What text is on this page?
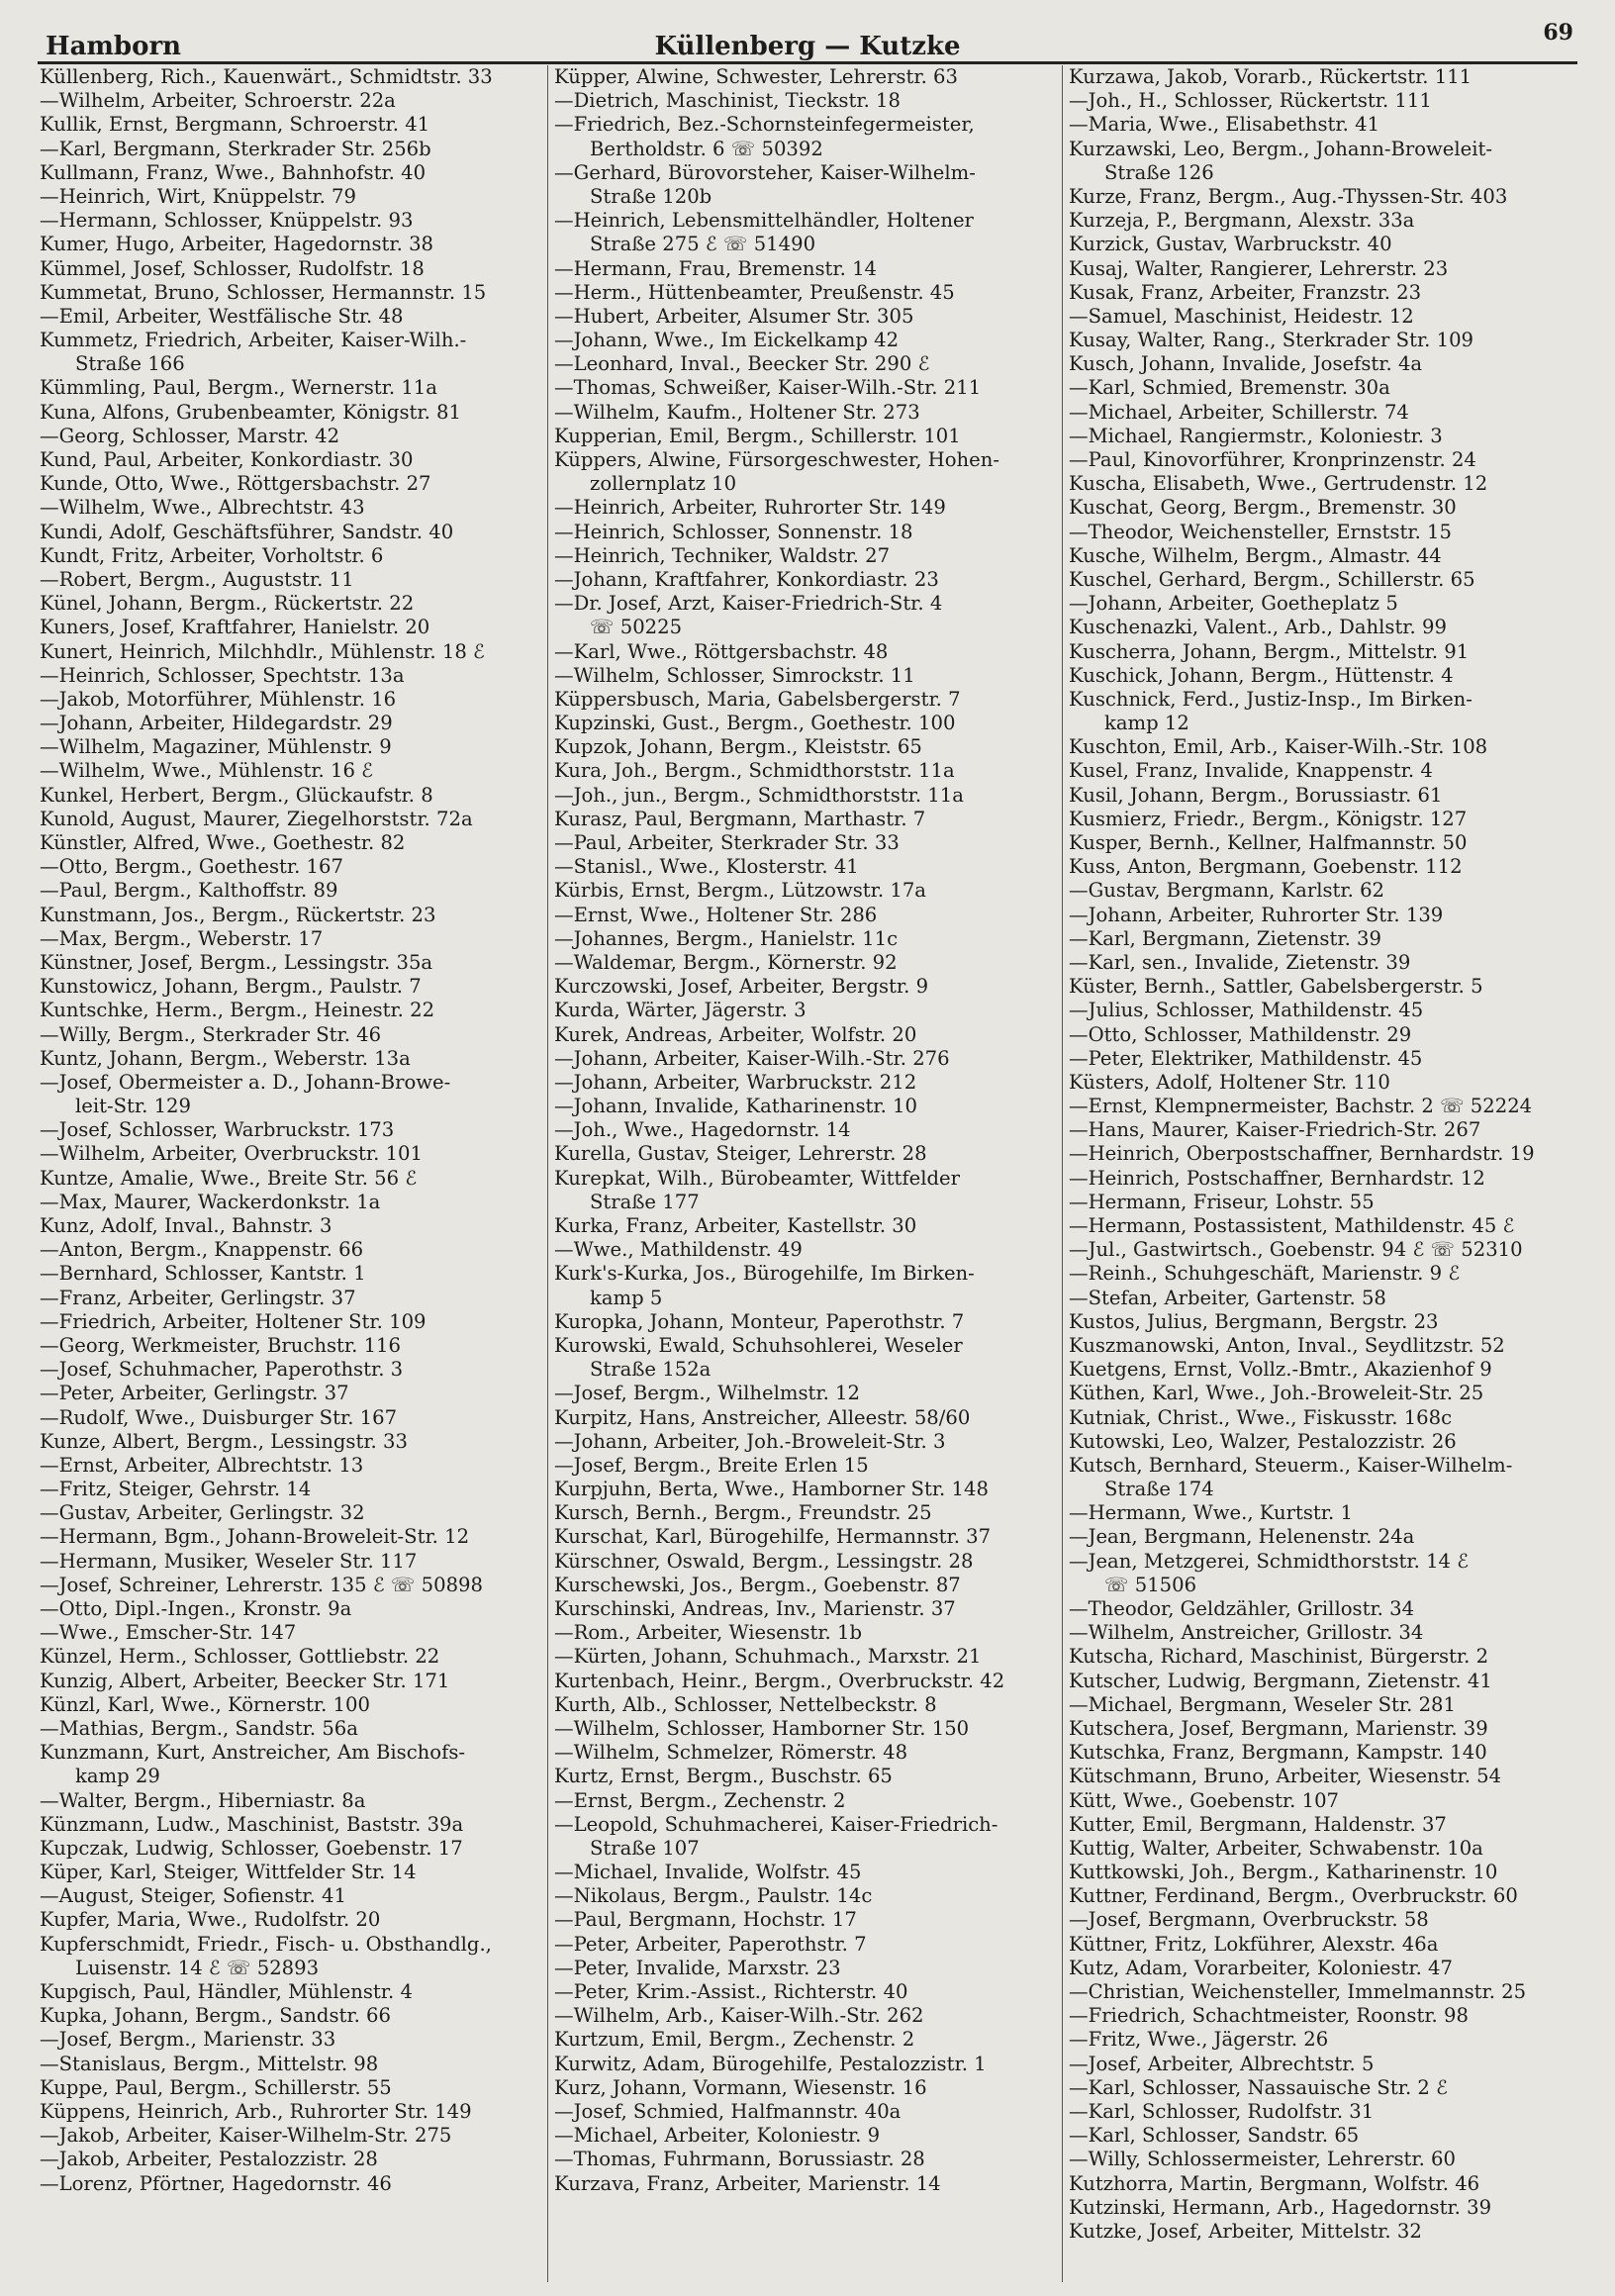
Hamborn	Küllenberg — Kutzke	69
Küllenberg, Rich., Kauenwärt., Schmidtstr. 33
—Wilhelm, Arbeiter, Schroerstr. 22a
Kullik, Ernst, Bergmann, Schroerstr. 41
—Karl, Bergmann, Sterkrader Str. 256b
Kullmann, Franz, Wwe., Bahnhofstr. 40
—Heinrich, Wirt, Knüppelstr. 79
—Hermann, Schlosser, Knüppelstr. 93
Kumer, Hugo, Arbeiter, Hagedornstr. 38
Kümmel, Josef, Schlosser, Rudolfstr. 18
Kummetat, Bruno, Schlosser, Hermannstr. 15
—Emil, Arbeiter, Westfälische Str. 48
Kummetz, Friedrich, Arbeiter, Kaiser-Wilh.-
Straße 166
Kümmling, Paul, Bergm., Wernerstr. 11a
Kuna, Alfons, Grubenbeamter, Königstr. 81
—Georg, Schlosser, Marstr. 42
Kund, Paul, Arbeiter, Konkordiastr. 30
Kunde, Otto, Wwe., Röttgersbachstr. 27
—Wilhelm, Wwe., Albrechtstr. 43
Kundi, Adolf, Geschäftsführer, Sandstr. 40
Kundt, Fritz, Arbeiter, Vorholtstr. 6
—Robert, Bergm., Auguststr. 11
Künel, Johann, Bergm., Rückertstr. 22
Kuners, Josef, Kraftfahrer, Hanielstr. 20
Kunert, Heinrich, Milchhdlr., Mühlenstr. 18 ℰ
—Heinrich, Schlosser, Spechtstr. 13a
—Jakob, Motorführer, Mühlenstr. 16
—Johann, Arbeiter, Hildegardstr. 29
—Wilhelm, Magaziner, Mühlenstr. 9
—Wilhelm, Wwe., Mühlenstr. 16 ℰ
Kunkel, Herbert, Bergm., Glückaufstr. 8
Kunold, August, Maurer, Ziegelhorststr. 72a
Künstler, Alfred, Wwe., Goethestr. 82
—Otto, Bergm., Goethestr. 167
—Paul, Bergm., Kalthoffstr. 89
Kunstmann, Jos., Bergm., Rückertstr. 23
—Max, Bergm., Weberstr. 17
Künstner, Josef, Bergm., Lessingstr. 35a
Kunstowicz, Johann, Bergm., Paulstr. 7
Kuntschke, Herm., Bergm., Heinestr. 22
—Willy, Bergm., Sterkrader Str. 46
Kuntz, Johann, Bergm., Weberstr. 13a
—Josef, Obermeister a. D., Johann-Browe-
leit-Str. 129
—Josef, Schlosser, Warbruckstr. 173
—Wilhelm, Arbeiter, Overbruckstr. 101
Kuntze, Amalie, Wwe., Breite Str. 56 ℰ
—Max, Maurer, Wackerdonkstr. 1a
Kunz, Adolf, Inval., Bahnstr. 3
—Anton, Bergm., Knappenstr. 66
—Bernhard, Schlosser, Kantstr. 1
—Franz, Arbeiter, Gerlingstr. 37
—Friedrich, Arbeiter, Holtener Str. 109
—Georg, Werkmeister, Bruchstr. 116
—Josef, Schuhmacher, Paperothstr. 3
—Peter, Arbeiter, Gerlingstr. 37
—Rudolf, Wwe., Duisburger Str. 167
Kunze, Albert, Bergm., Lessingstr. 33
—Ernst, Arbeiter, Albrechtstr. 13
—Fritz, Steiger, Gehrstr. 14
—Gustav, Arbeiter, Gerlingstr. 32
—Hermann, Bgm., Johann-Broweleit-Str. 12
—Hermann, Musiker, Weseler Str. 117
—Josef, Schreiner, Lehrerstr. 135 ℰ ☏ 50898
—Otto, Dipl.-Ingen., Kronstr. 9a
—Wwe., Emscher-Str. 147
Künzel, Herm., Schlosser, Gottliebstr. 22
Kunzig, Albert, Arbeiter, Beecker Str. 171
Künzl, Karl, Wwe., Körnerstr. 100
—Mathias, Bergm., Sandstr. 56a
Kunzmann, Kurt, Anstreicher, Am Bischofs-
kamp 29
—Walter, Bergm., Hiberniastr. 8a
Künzmann, Ludw., Maschinist, Baststr. 39a
Kupczak, Ludwig, Schlosser, Goebenstr. 17
Küper, Karl, Steiger, Wittfelder Str. 14
—August, Steiger, Sofienstr. 41
Kupfer, Maria, Wwe., Rudolfstr. 20
Kupferschmidt, Friedr., Fisch- u. Obsthandlg.,
Luisenstr. 14 ℰ ☏ 52893
Kupgisch, Paul, Händler, Mühlenstr. 4
Kupka, Johann, Bergm., Sandstr. 66
—Josef, Bergm., Marienstr. 33
—Stanislaus, Bergm., Mittelstr. 98
Kuppe, Paul, Bergm., Schillerstr. 55
Küppens, Heinrich, Arb., Ruhrorter Str. 149
—Jakob, Arbeiter, Kaiser-Wilhelm-Str. 275
—Jakob, Arbeiter, Pestalozzistr. 28
—Lorenz, Pförtner, Hagedornstr. 46
Küpper, Alwine, Schwester, Lehrerstr. 63
—Dietrich, Maschinist, Tieckstr. 18
—Friedrich, Bez.-Schornsteinfegermeister,
Bertholdstr. 6 ☏ 50392
—Gerhard, Bürovorsteher, Kaiser-Wilhelm-
Straße 120b
—Heinrich, Lebensmittelhändler, Holtener
Straße 275 ℰ ☏ 51490
—Hermann, Frau, Bremenstr. 14
—Herm., Hüttenbeamter, Preußenstr. 45
—Hubert, Arbeiter, Alsumer Str. 305
—Johann, Wwe., Im Eickelkamp 42
—Leonhard, Inval., Beecker Str. 290 ℰ
—Thomas, Schweißer, Kaiser-Wilh.-Str. 211
—Wilhelm, Kaufm., Holtener Str. 273
Kupperian, Emil, Bergm., Schillerstr. 101
Küppers, Alwine, Fürsorgeschwester, Hohen-
zollernplatz 10
—Heinrich, Arbeiter, Ruhrorter Str. 149
—Heinrich, Schlosser, Sonnenstr. 18
—Heinrich, Techniker, Waldstr. 27
—Johann, Kraftfahrer, Konkordiastr. 23
—Dr. Josef, Arzt, Kaiser-Friedrich-Str. 4
☏ 50225
—Karl, Wwe., Röttgersbachstr. 48
—Wilhelm, Schlosser, Simrockstr. 11
Küppersbusch, Maria, Gabelsbergerstr. 7
Kupzinski, Gust., Bergm., Goethestr. 100
Kupzok, Johann, Bergm., Kleiststr. 65
Kura, Joh., Bergm., Schmidthorststr. 11a
—Joh., jun., Bergm., Schmidthorststr. 11a
Kurasz, Paul, Bergmann, Marthastr. 7
—Paul, Arbeiter, Sterkrader Str. 33
—Stanisl., Wwe., Klosterstr. 41
Kürbis, Ernst, Bergm., Lützowstr. 17a
—Ernst, Wwe., Holtener Str. 286
—Johannes, Bergm., Hanielstr. 11c
—Waldemar, Bergm., Körnerstr. 92
Kurczowski, Josef, Arbeiter, Bergstr. 9
Kurda, Wärter, Jägerstr. 3
Kurek, Andreas, Arbeiter, Wolfstr. 20
—Johann, Arbeiter, Kaiser-Wilh.-Str. 276
—Johann, Arbeiter, Warbruckstr. 212
—Johann, Invalide, Katharinenstr. 10
—Joh., Wwe., Hagedornstr. 14
Kurella, Gustav, Steiger, Lehrerstr. 28
Kurepkat, Wilh., Bürobeamter, Wittfelder
Straße 177
Kurka, Franz, Arbeiter, Kastellstr. 30
—Wwe., Mathildenstr. 49
Kurk's-Kurka, Jos., Bürogehilfe, Im Birken-
kamp 5
Kuropka, Johann, Monteur, Paperothstr. 7
Kurowski, Ewald, Schuhsohlerei, Weseler
Straße 152a
—Josef, Bergm., Wilhelmstr. 12
Kurpitz, Hans, Anstreicher, Alleestr. 58/60
—Johann, Arbeiter, Joh.-Broweleit-Str. 3
—Josef, Bergm., Breite Erlen 15
Kurpjuhn, Berta, Wwe., Hamborner Str. 148
Kursch, Bernh., Bergm., Freundstr. 25
Kurschat, Karl, Bürogehilfe, Hermannstr. 37
Kürschner, Oswald, Bergm., Lessingstr. 28
Kurschewski, Jos., Bergm., Goebenstr. 87
Kurschinski, Andreas, Inv., Marienstr. 37
—Rom., Arbeiter, Wiesenstr. 1b
—Kürten, Johann, Schuhmach., Marxstr. 21
Kurtenbach, Heinr., Bergm., Overbruckstr. 42
Kurth, Alb., Schlosser, Nettelbeckstr. 8
—Wilhelm, Schlosser, Hamborner Str. 150
—Wilhelm, Schmelzer, Römerstr. 48
Kurtz, Ernst, Bergm., Buschstr. 65
—Ernst, Bergm., Zechenstr. 2
—Leopold, Schuhmacherei, Kaiser-Friedrich-
Straße 107
—Michael, Invalide, Wolfstr. 45
—Nikolaus, Bergm., Paulstr. 14c
—Paul, Bergmann, Hochstr. 17
—Peter, Arbeiter, Paperothstr. 7
—Peter, Invalide, Marxstr. 23
—Peter, Krim.-Assist., Richterstr. 40
—Wilhelm, Arb., Kaiser-Wilh.-Str. 262
Kurtzum, Emil, Bergm., Zechenstr. 2
Kurwitz, Adam, Bürogehilfe, Pestalozzistr. 1
Kurz, Johann, Vormann, Wiesenstr. 16
—Josef, Schmied, Halfmannstr. 40a
—Michael, Arbeiter, Koloniestr. 9
—Thomas, Fuhrmann, Borussiastr. 28
Kurzava, Franz, Arbeiter, Marienstr. 14
Kurzawa, Jakob, Vorarb., Rückertstr. 111
—Joh., H., Schlosser, Rückertstr. 111
—Maria, Wwe., Elisabethstr. 41
Kurzawski, Leo, Bergm., Johann-Broweleit-
Straße 126
Kurze, Franz, Bergm., Aug.-Thyssen-Str. 403
Kurzeja, P., Bergmann, Alexstr. 33a
Kurzick, Gustav, Warbruckstr. 40
Kusaj, Walter, Rangierer, Lehrerstr. 23
Kusak, Franz, Arbeiter, Franzstr. 23
—Samuel, Maschinist, Heidestr. 12
Kusay, Walter, Rang., Sterkrader Str. 109
Kusch, Johann, Invalide, Josefstr. 4a
—Karl, Schmied, Bremenstr. 30a
—Michael, Arbeiter, Schillerstr. 74
—Michael, Rangiermstr., Koloniestr. 3
—Paul, Kinovorführer, Kronprinzenstr. 24
Kuscha, Elisabeth, Wwe., Gertrudenstr. 12
Kuschat, Georg, Bergm., Bremenstr. 30
—Theodor, Weichensteller, Ernststr. 15
Kusche, Wilhelm, Bergm., Almastr. 44
Kuschel, Gerhard, Bergm., Schillerstr. 65
—Johann, Arbeiter, Goetheplatz 5
Kuschenazki, Valent., Arb., Dahlstr. 99
Kuscherra, Johann, Bergm., Mittelstr. 91
Kuschick, Johann, Bergm., Hüttenstr. 4
Kuschnick, Ferd., Justiz-Insp., Im Birken-
kamp 12
Kuschton, Emil, Arb., Kaiser-Wilh.-Str. 108
Kusel, Franz, Invalide, Knappenstr. 4
Kusil, Johann, Bergm., Borussiastr. 61
Kusmierz, Friedr., Bergm., Königstr. 127
Kusper, Bernh., Kellner, Halfmannstr. 50
Kuss, Anton, Bergmann, Goebenstr. 112
—Gustav, Bergmann, Karlstr. 62
—Johann, Arbeiter, Ruhrorter Str. 139
—Karl, Bergmann, Zietenstr. 39
—Karl, sen., Invalide, Zietenstr. 39
Küster, Bernh., Sattler, Gabelsbergerstr. 5
—Julius, Schlosser, Mathildenstr. 45
—Otto, Schlosser, Mathildenstr. 29
—Peter, Elektriker, Mathildenstr. 45
Küsters, Adolf, Holtener Str. 110
—Ernst, Klempnermeister, Bachstr. 2 ☏ 52224
—Hans, Maurer, Kaiser-Friedrich-Str. 267
—Heinrich, Oberpostschaffner, Bernhardstr. 19
—Heinrich, Postschaffner, Bernhardstr. 12
—Hermann, Friseur, Lohstr. 55
—Hermann, Postassistent, Mathildenstr. 45 ℰ
—Jul., Gastwirtsch., Goebenstr. 94 ℰ ☏ 52310
—Reinh., Schuhgeschäft, Marienstr. 9 ℰ
—Stefan, Arbeiter, Gartenstr. 58
Kustos, Julius, Bergmann, Bergstr. 23
Kuszmanowski, Anton, Inval., Seydlitzstr. 52
Kuetgens, Ernst, Vollz.-Bmtr., Akazienhof 9
Küthen, Karl, Wwe., Joh.-Broweleit-Str. 25
Kutniak, Christ., Wwe., Fiskusstr. 168c
Kutowski, Leo, Walzer, Pestalozzistr. 26
Kutsch, Bernhard, Steuerm., Kaiser-Wilhelm-
Straße 174
—Hermann, Wwe., Kurtstr. 1
—Jean, Bergmann, Helenenstr. 24a
—Jean, Metzgerei, Schmidthorststr. 14 ℰ
☏ 51506
—Theodor, Geldzähler, Grillostr. 34
—Wilhelm, Anstreicher, Grillostr. 34
Kutscha, Richard, Maschinist, Bürgerstr. 2
Kutscher, Ludwig, Bergmann, Zietenstr. 41
—Michael, Bergmann, Weseler Str. 281
Kutschera, Josef, Bergmann, Marienstr. 39
Kutschka, Franz, Bergmann, Kampstr. 140
Kütschmann, Bruno, Arbeiter, Wiesenstr. 54
Kütt, Wwe., Goebenstr. 107
Kutter, Emil, Bergmann, Haldenstr. 37
Kuttig, Walter, Arbeiter, Schwabenstr. 10a
Kuttkowski, Joh., Bergm., Katharinenstr. 10
Kuttner, Ferdinand, Bergm., Overbruckstr. 60
—Josef, Bergmann, Overbruckstr. 58
Küttner, Fritz, Lokführer, Alexstr. 46a
Kutz, Adam, Vorarbeiter, Koloniestr. 47
—Christian, Weichensteller, Immelmannstr. 25
—Friedrich, Schachtmeister, Roonstr. 98
—Fritz, Wwe., Jägerstr. 26
—Josef, Arbeiter, Albrechtstr. 5
—Karl, Schlosser, Nassauische Str. 2 ℰ
—Karl, Schlosser, Rudolfstr. 31
—Karl, Schlosser, Sandstr. 65
—Willy, Schlossermeister, Lehrerstr. 60
Kutzhorra, Martin, Bergmann, Wolfstr. 46
Kutzinski, Hermann, Arb., Hagedornstr. 39
Kutzke, Josef, Arbeiter, Mittelstr. 32
